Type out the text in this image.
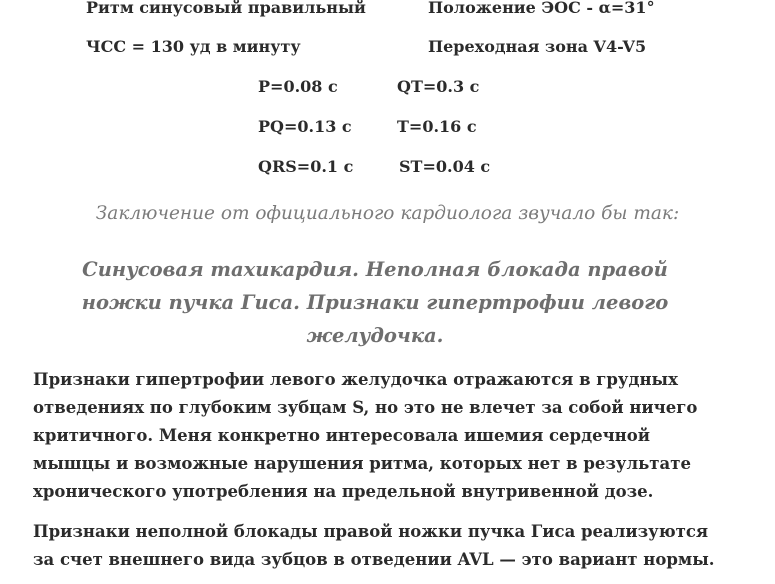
Ритм синусовый правильный	Положение ЭОС - α=31°
ЧСС = 130 уд в минуту	Переходная зона V4-V5
P=0.08 с	QT=0.3 с
PQ=0.13 с	T=0.16 с
QRS=0.1 с	ST=0.04 с
Заключение от официального кардиолога звучало бы так:
Синусовая тахикардия. Неполная блокада правой
ножки пучка Гиса. Признаки гипертрофии левого
желудочка.
Признаки гипертрофии левого желудочка отражаются в грудных
отведениях по глубоким зубцам S, но это не влечет за собой ничего
критичного. Меня конкретно интересовала ишемия сердечной
мышцы и возможные нарушения ритма, которых нет в результате
хронического употребления на предельной внутривенной дозе.
Признаки неполной блокады правой ножки пучка Гиса реализуются
за счет внешнего вида зубцов в отведении AVL — это вариант нормы.
